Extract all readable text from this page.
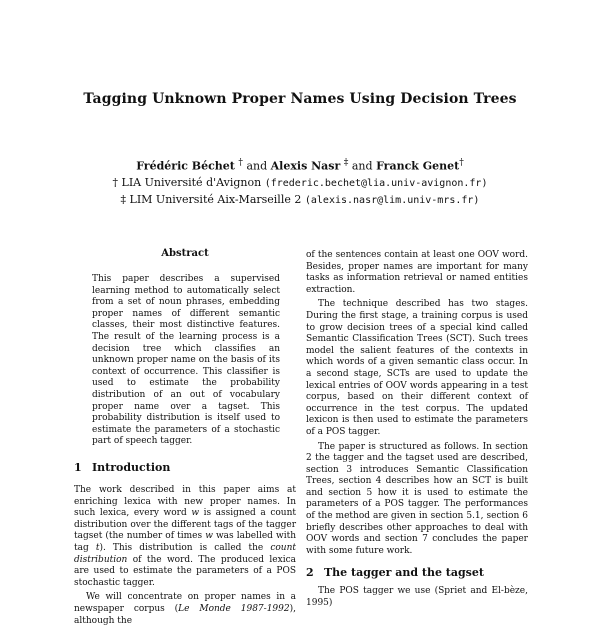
Tagging Unknown Proper Names Using Decision Trees
Frédéric Béchet † and Alexis Nasr ‡ and Franck Genet†
† LIA Université d'Avignon (frederic.bechet@lia.univ-avignon.fr)
‡ LIM Université Aix-Marseille 2 (alexis.nasr@lim.univ-mrs.fr)
Abstract
This paper describes a supervised learning method to automatically select from a set of noun phrases, embedding proper names of different semantic classes, their most distinctive features. The result of the learning process is a decision tree which classifies an unknown proper name on the basis of its context of occurrence. This classifier is used to estimate the probability distribution of an out of vocabulary proper name over a tagset. This probability distribution is itself used to estimate the parameters of a stochastic part of speech tagger.
1 Introduction

The work described in this paper aims at enriching lexica with new proper names. In such lexica, every word w is assigned a count distribution over the different tags of the tagger tagset (the number of times w was labelled with tag t). This distribution is called the count distribution of the word. The produced lexica are used to estimate the parameters of a POS stochastic tagger.

We will concentrate on proper names in a newspaper corpus (Le Monde 1987-1992), although the

of the sentences contain at least one OOV word. Besides, proper names are important for many tasks as information retrieval or named entities extraction.

The technique described has two stages. During the first stage, a training corpus is used to grow decision trees of a special kind called Semantic Classification Trees (SCT). Such trees model the salient features of the contexts in which words of a given semantic class occur. In a second stage, SCTs are used to update the lexical entries of OOV words appearing in a test corpus, based on their different context of occurrence in the test corpus. The updated lexicon is then used to estimate the parameters of a POS tagger.

The paper is structured as follows. In section 2 the tagger and the tagset used are described, section 3 introduces Semantic Classification Trees, section 4 describes how an SCT is built and section 5 how it is used to estimate the parameters of a POS tagger. The performances of the method are given in section 5.1, section 6 briefly describes other approaches to deal with OOV words and section 7 concludes the paper with some future work.

2 The tagger and the tagset

The POS tagger we use (Spriet and El-bèze, 1995)
